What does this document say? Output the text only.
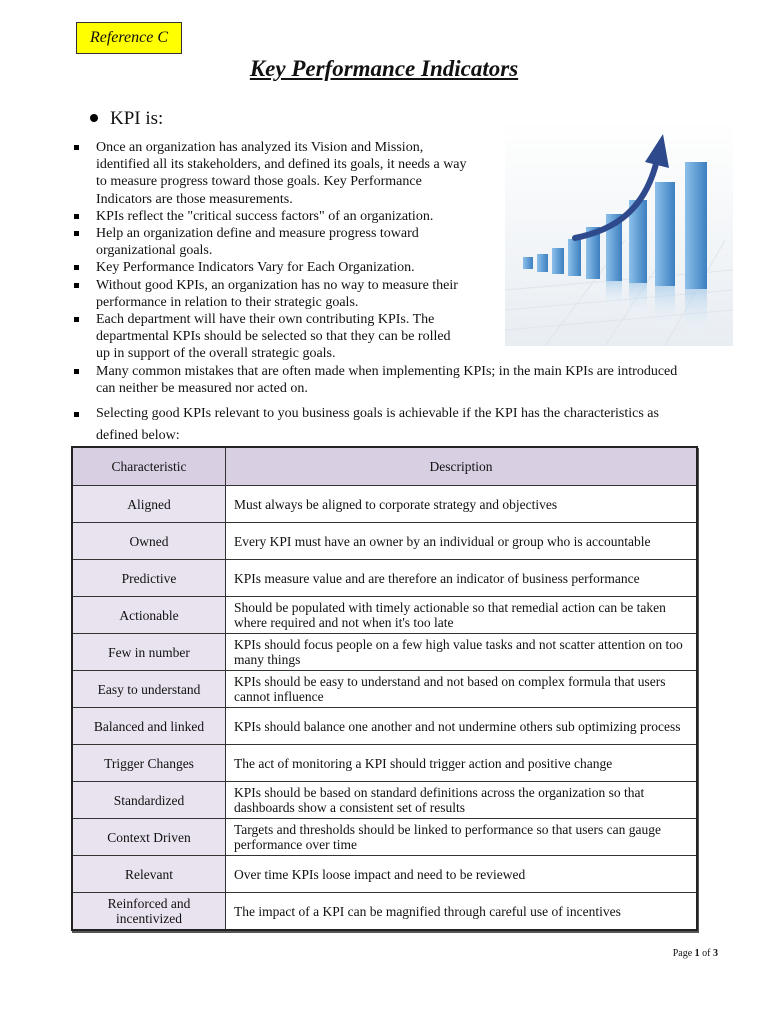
Reference C
Key Performance Indicators
KPI is:
Once an organization has analyzed its Vision and Mission, identified all its stakeholders, and defined its goals, it needs a way to measure progress toward those goals. Key Performance Indicators are those measurements.
KPIs reflect the "critical success factors" of an organization.
Help an organization define and measure progress toward organizational goals.
Key Performance Indicators Vary for Each Organization.
Without good KPIs, an organization has no way to measure their performance in relation to their strategic goals.
Each department will have their own contributing KPIs. The departmental KPIs should be selected so that they can be rolled up in support of the overall strategic goals.
Many common mistakes that are often made when implementing KPIs; in the main KPIs are introduced can neither be measured nor acted on.
Selecting good KPIs relevant to you business goals is achievable if the KPI has the characteristics as defined below:
Characteristic	Description
Aligned	Must always be aligned to corporate strategy and objectives
Owned	Every KPI must have an owner by an individual or group who is accountable
Predictive	KPIs measure value and are therefore an indicator of business performance
Actionable	Should be populated with timely actionable so that remedial action can be taken where required and not when it's too late
Few in number	KPIs should focus people on a few high value tasks and not scatter attention on too many things
Easy to understand	KPIs should be easy to understand and not based on complex formula that users cannot influence
Balanced and linked	KPIs should balance one another and not undermine others sub optimizing process
Trigger Changes	The act of monitoring a KPI should trigger action and positive change
Standardized	KPIs should be based on standard definitions across the organization so that dashboards show a consistent set of results
Context Driven	Targets and thresholds should be linked to performance so that users can gauge performance over time
Relevant	Over time KPIs loose impact and need to be reviewed
Reinforced and incentivized	The impact of a KPI can be magnified through careful use of incentives
Page 1 of 3
